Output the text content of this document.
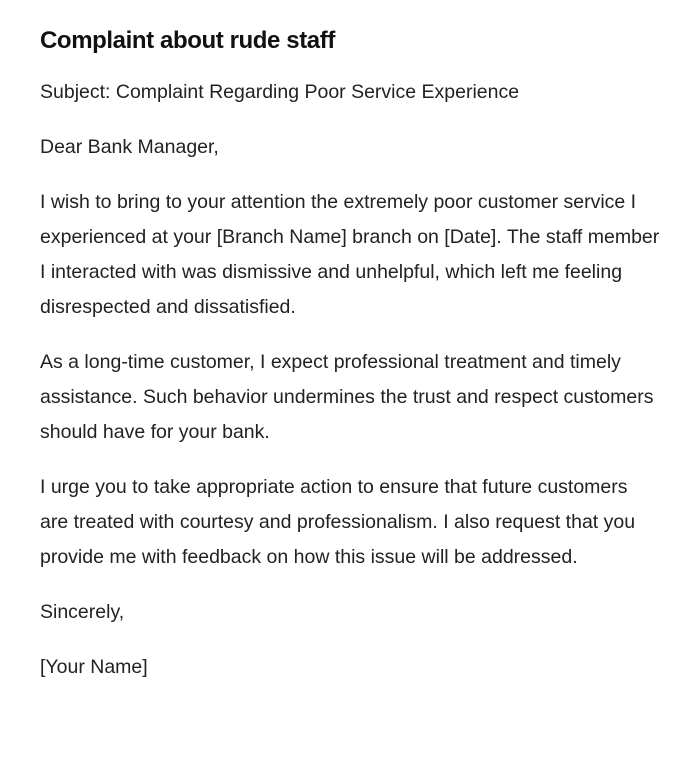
Complaint about rude staff

Subject: Complaint Regarding Poor Service Experience

Dear Bank Manager,

I wish to bring to your attention the extremely poor customer service I experienced at your [Branch Name] branch on [Date]. The staff member I interacted with was dismissive and unhelpful, which left me feeling disrespected and dissatisfied.

As a long-time customer, I expect professional treatment and timely assistance. Such behavior undermines the trust and respect customers should have for your bank.

I urge you to take appropriate action to ensure that future customers are treated with courtesy and professionalism. I also request that you provide me with feedback on how this issue will be addressed.

Sincerely,

[Your Name]
